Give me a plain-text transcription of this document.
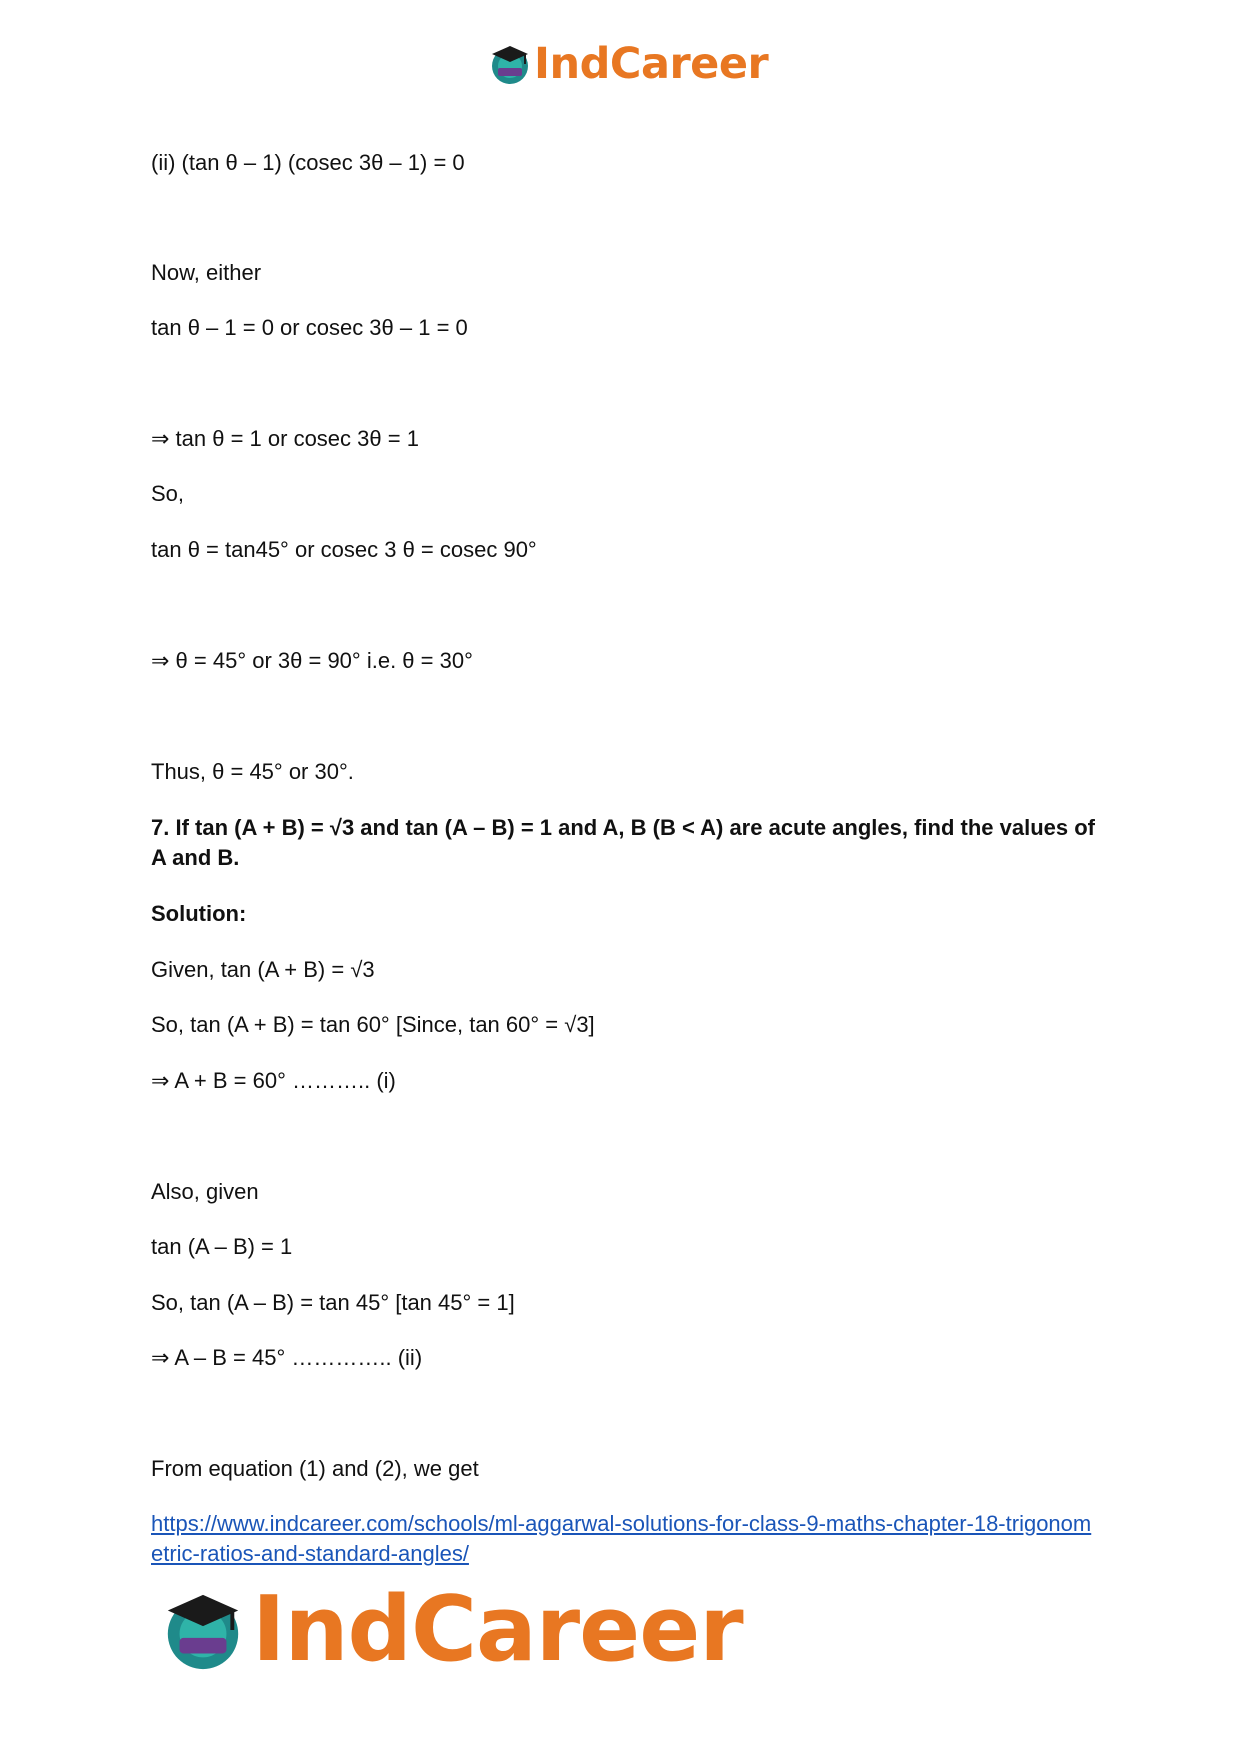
IndCareer
(ii) (tan θ – 1) (cosec 3θ – 1) = 0
Now, either
tan θ – 1 = 0 or cosec 3θ – 1 = 0
⇒ tan θ = 1 or cosec 3θ = 1
So,
tan θ = tan45° or cosec 3 θ = cosec 90°
⇒ θ = 45° or 3θ = 90° i.e. θ = 30°
Thus, θ = 45° or 30°.
7. If tan (A + B) = √3 and tan (A – B) = 1 and A, B (B < A) are acute angles, find the values of A and B.
Solution:
Given, tan (A + B) = √3
So, tan (A + B) = tan 60° [Since, tan 60° = √3]
⇒ A + B = 60° ……….. (i)
Also, given
tan (A – B) = 1
So, tan (A – B) = tan 45° [tan 45° = 1]
⇒ A – B = 45° ………….. (ii)
From equation (1) and (2), we get
https://www.indcareer.com/schools/ml-aggarwal-solutions-for-class-9-maths-chapter-18-trigonometric-ratios-and-standard-angles/
IndCareer
